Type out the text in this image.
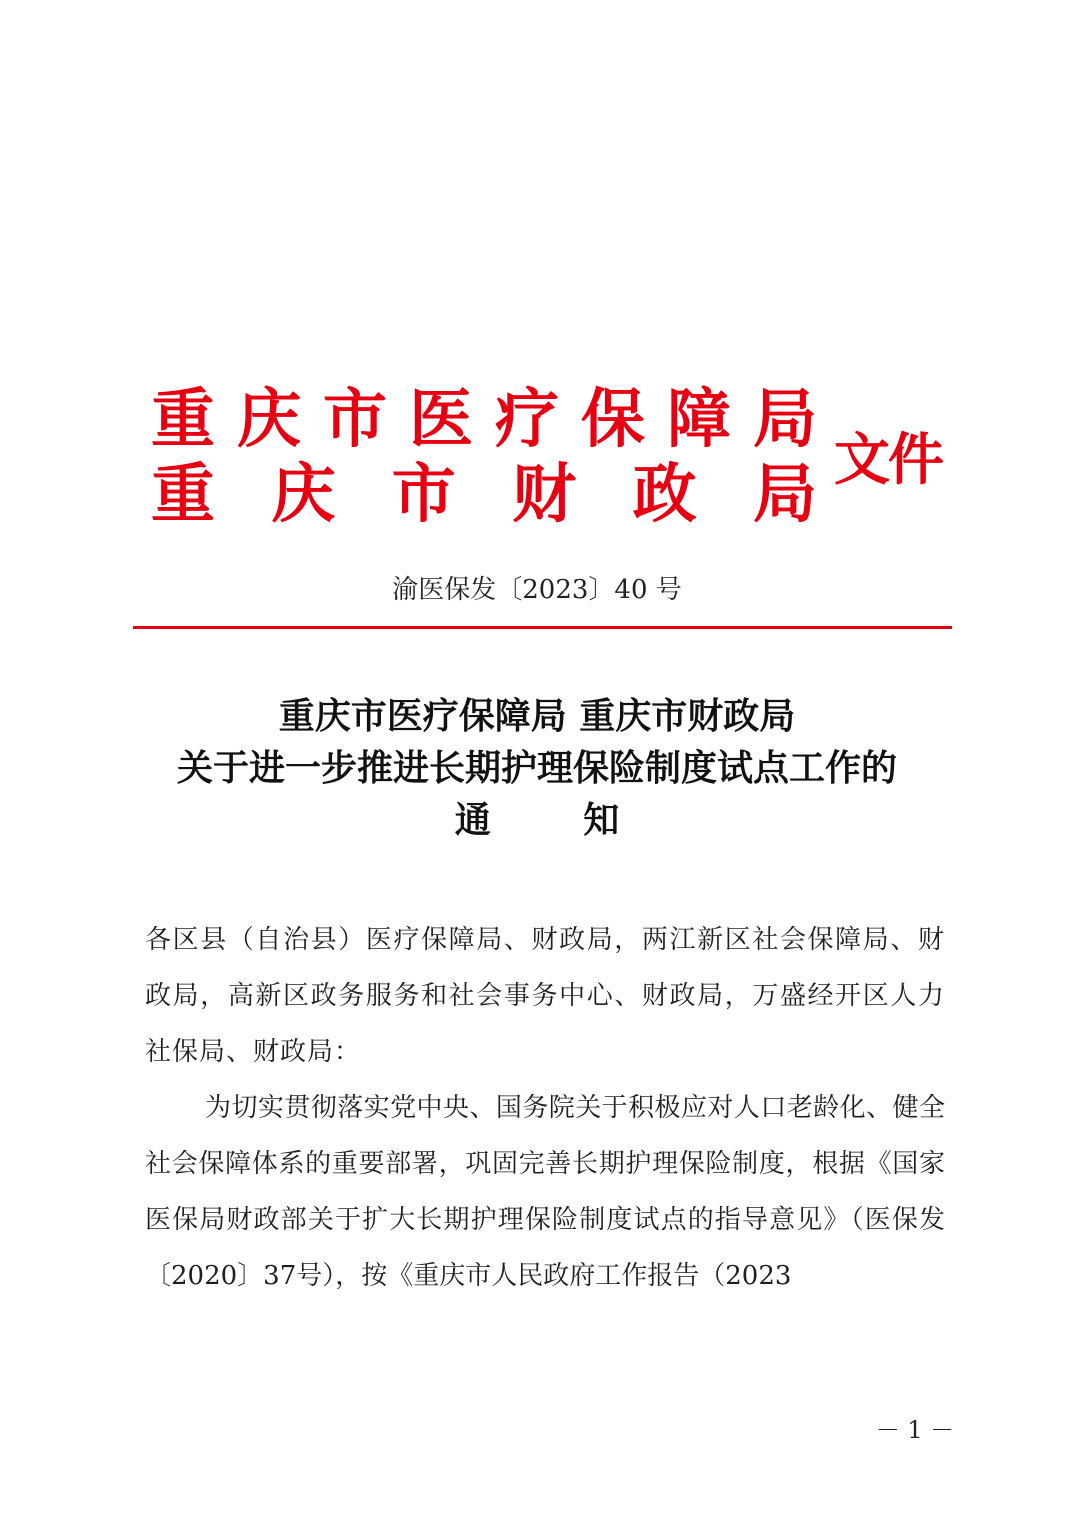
重 庆 市 医 疗 保 障 局
重 庆 市 财 政 局 文件
渝医保发〔2023〕40 号
重庆市医疗保障局 重庆市财政局
关于进一步推进长期护理保险制度试点工作的
通 知

各区县（自治县）医疗保障局、财政局，两江新区社会保障局、财政局，高新区政务服务和社会事务中心、财政局，万盛经开区人力社保局、财政局：

为切实贯彻落实党中央、国务院关于积极应对人口老龄化、健全社会保障体系的重要部署，巩固完善长期护理保险制度，根据《国家医保局财政部关于扩大长期护理保险制度试点的指导意见》（医保发〔2020〕37号），按《重庆市人民政府工作报告（2023

－ 1 －
